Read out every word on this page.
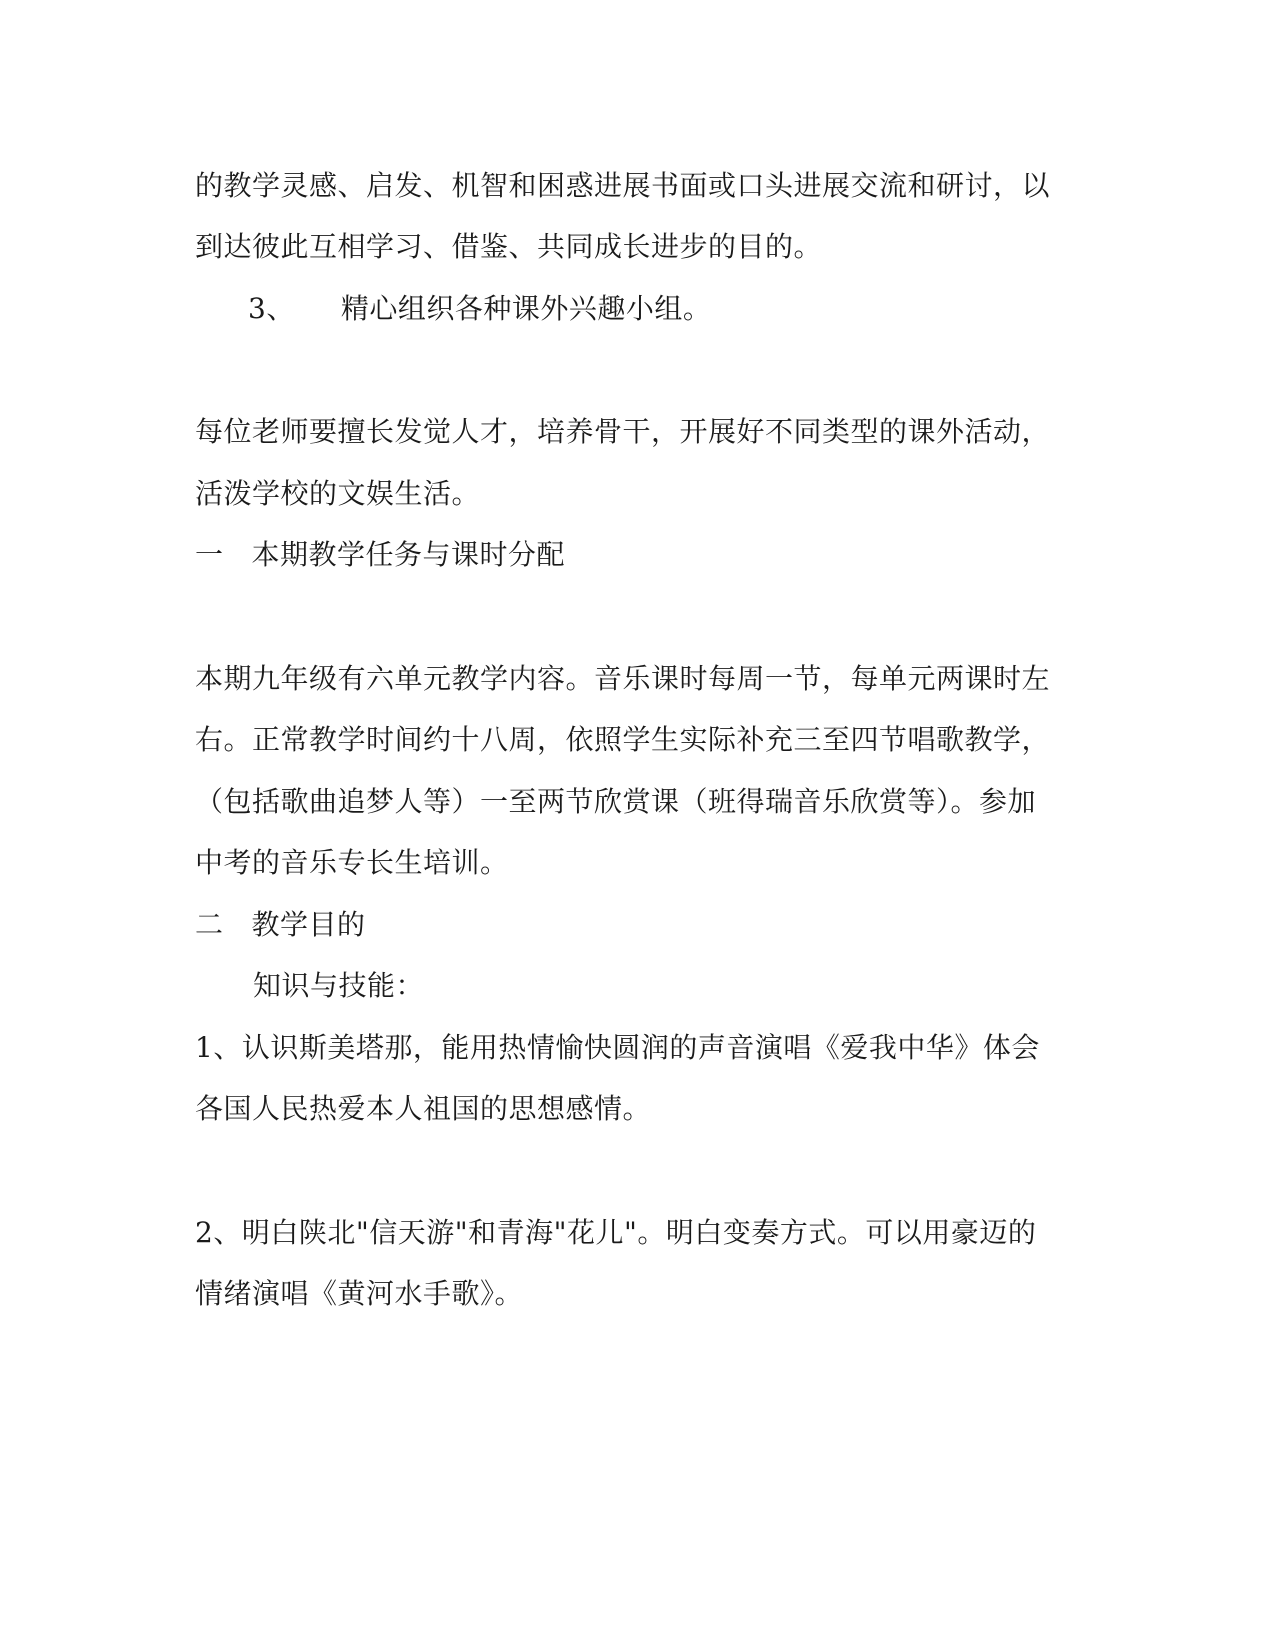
的教学灵感、启发、机智和困惑进展书面或口头进展交流和研讨，以
到达彼此互相学习、借鉴、共同成长进步的目的。
3、 精心组织各种课外兴趣小组。
每位老师要擅长发觉人才，培养骨干，开展好不同类型的课外活动，
活泼学校的文娱生活。
一 本期教学任务与课时分配
本期九年级有六单元教学内容。音乐课时每周一节，每单元两课时左
右。正常教学时间约十八周，依照学生实际补充三至四节唱歌教学，
（包括歌曲追梦人等）一至两节欣赏课（班得瑞音乐欣赏等）。参加
中考的音乐专长生培训。
二 教学目的
知识与技能：
1、认识斯美塔那，能用热情愉快圆润的声音演唱《爱我中华》体会
各国人民热爱本人祖国的思想感情。
2、明白陕北"信天游"和青海"花儿"。明白变奏方式。可以用豪迈的
情绪演唱《黄河水手歌》。
